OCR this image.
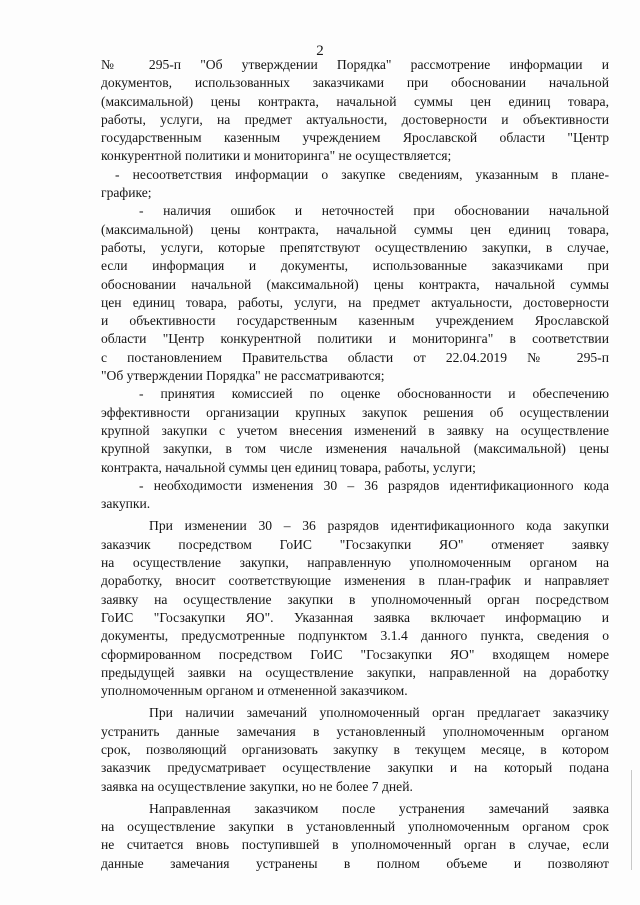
2
№ 295-п "Об утверждении Порядка" рассмотрение информации и
документов, использованных заказчиками при обосновании начальной
(максимальной) цены контракта, начальной суммы цен единиц товара,
работы, услуги, на предмет актуальности, достоверности и объективности
государственным казенным учреждением Ярославской области "Центр
конкурентной политики и мониторинга" не осуществляется;
- несоответствия информации о закупке сведениям, указанным в плане-
графике;
- наличия ошибок и неточностей при обосновании начальной
(максимальной) цены контракта, начальной суммы цен единиц товара,
работы, услуги, которые препятствуют осуществлению закупки, в случае,
если информация и документы, использованные заказчиками при
обосновании начальной (максимальной) цены контракта, начальной суммы
цен единиц товара, работы, услуги, на предмет актуальности, достоверности
и объективности государственным казенным учреждением Ярославской
области "Центр конкурентной политики и мониторинга" в соответствии
с постановлением Правительства области от 22.04.2019 № 295-п
"Об утверждении Порядка" не рассматриваются;
- принятия комиссией по оценке обоснованности и обеспечению
эффективности организации крупных закупок решения об осуществлении
крупной закупки с учетом внесения изменений в заявку на осуществление
крупной закупки, в том числе изменения начальной (максимальной) цены
контракта, начальной суммы цен единиц товара, работы, услуги;
- необходимости изменения 30 – 36 разрядов идентификационного кода
закупки.
При изменении 30 – 36 разрядов идентификационного кода закупки
заказчик посредством ГоИС "Госзакупки ЯО" отменяет заявку
на осуществление закупки, направленную уполномоченным органом на
доработку, вносит соответствующие изменения в план-график и направляет
заявку на осуществление закупки в уполномоченный орган посредством
ГоИС "Госзакупки ЯО". Указанная заявка включает информацию и
документы, предусмотренные подпунктом 3.1.4 данного пункта, сведения о
сформированном посредством ГоИС "Госзакупки ЯО" входящем номере
предыдущей заявки на осуществление закупки, направленной на доработку
уполномоченным органом и отмененной заказчиком.
При наличии замечаний уполномоченный орган предлагает заказчику
устранить данные замечания в установленный уполномоченным органом
срок, позволяющий организовать закупку в текущем месяце, в котором
заказчик предусматривает осуществление закупки и на который подана
заявка на осуществление закупки, но не более 7 дней.
Направленная заказчиком после устранения замечаний заявка
на осуществление закупки в установленный уполномоченным органом срок
не считается вновь поступившей в уполномоченный орган в случае, если
данные замечания устранены в полном объеме и позволяют
